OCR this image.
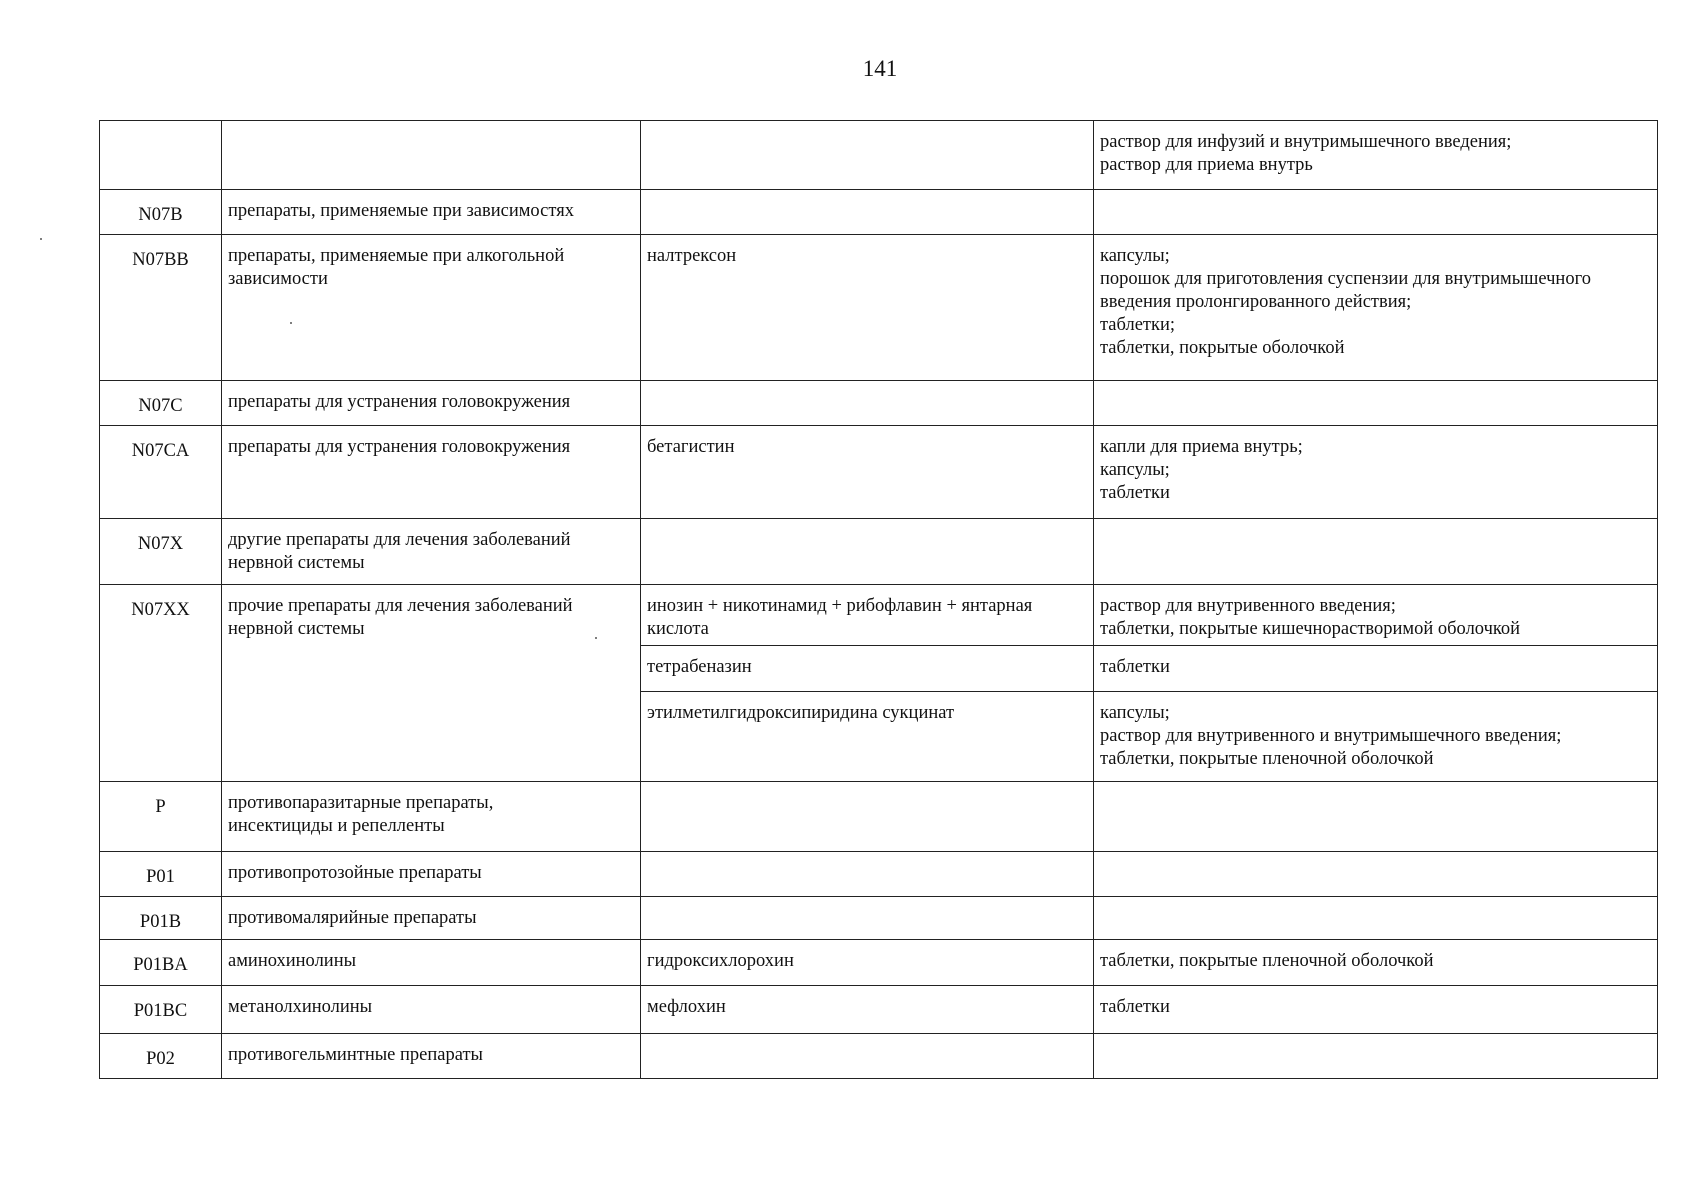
141

			раствор для инфузий и внутримышечного введения;
раствор для приема внутрь

N07B	препараты, применяемые при зависимостях		

N07BB	препараты, применяемые при алкогольной
зависимости	налтрексон	капсулы;
порошок для приготовления суспензии для внутримышечного
введения пролонгированного действия;
таблетки;
таблетки, покрытые оболочкой

N07C	препараты для устранения головокружения		

N07CA	препараты для устранения головокружения	бетагистин	капли для приема внутрь;
капсулы;
таблетки

N07X	другие препараты для лечения заболеваний
нервной системы		

N07XX	прочие препараты для лечения заболеваний
нервной системы	инозин + никотинамид + рибофлавин + янтарная
кислота	раствор для внутривенного введения;
таблетки, покрытые кишечнорастворимой оболочкой

		тетрабеназин	таблетки

		этилметилгидроксипиридина сукцинат	капсулы;
раствор для внутривенного и внутримышечного введения;
таблетки, покрытые пленочной оболочкой

P	противопаразитарные препараты,
инсектициды и репелленты		

P01	противопротозойные препараты		

P01B	противомалярийные препараты		

P01BA	аминохинолины	гидроксихлорохин	таблетки, покрытые пленочной оболочкой

P01BC	метанолхинолины	мефлохин	таблетки

P02	противогельминтные препараты		
